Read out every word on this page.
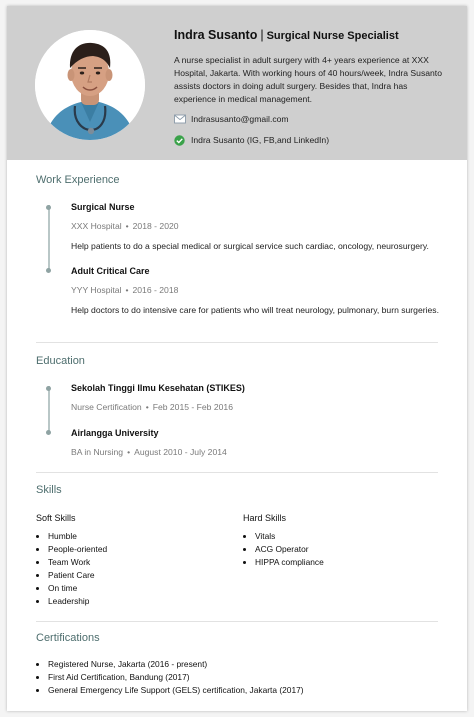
Indra Susanto | Surgical Nurse Specialist
A nurse specialist in adult surgery with 4+ years experience at XXX Hospital, Jakarta. With working hours of 40 hours/week, Indra Susanto assists doctors in doing adult surgery. Besides that, Indra has experience in medical management.
Indrasusanto@gmail.com
Indra Susanto (IG, FB,and LinkedIn)
Work Experience
Surgical Nurse
XXX Hospital • 2018 - 2020
Help patients to do a special medical or surgical service such cardiac, oncology, neurosurgery.
Adult Critical Care
YYY Hospital • 2016 - 2018
Help doctors to do intensive care for patients who will treat neurology, pulmonary, burn surgeries.
Education
Sekolah Tinggi Ilmu Kesehatan (STIKES)
Nurse Certification • Feb 2015 - Feb 2016
Airlangga University
BA in Nursing • August 2010 - July 2014
Skills
Soft Skills
• Humble
• People-oriented
• Team Work
• Patient Care
• On time
• Leadership
Hard Skills
• Vitals
• ACG Operator
• HIPPA compliance
Certifications
• Registered Nurse, Jakarta (2016 - present)
• First Aid Certification, Bandung (2017)
• General Emergency Life Support (GELS) certification, Jakarta (2017)
